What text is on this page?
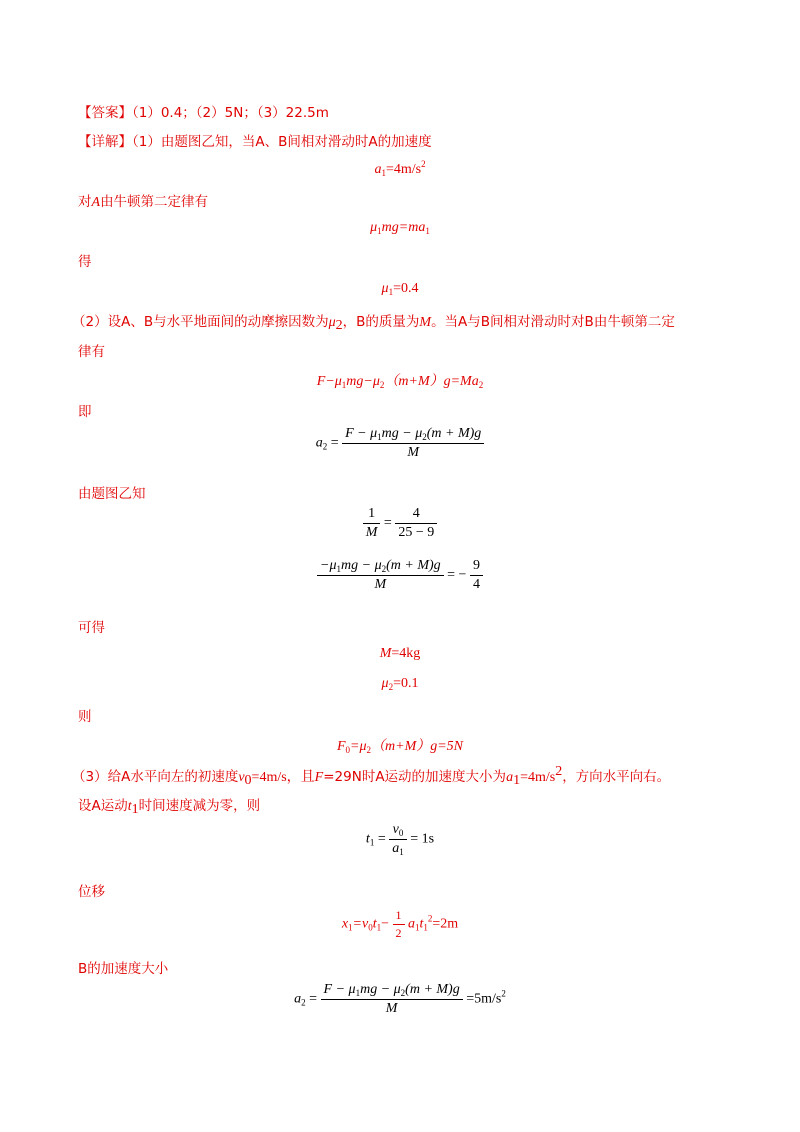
【答案】（1）0.4；（2）5N；（3）22.5m
【详解】（1）由题图乙知，当A、B间相对滑动时A的加速度
$a_1=4m/s^2$
对A由牛顿第二定律有
$\mu_1mg=ma_1$
得
$\mu_1=0.4$
（2）设A、B与水平地面间的动摩擦因数为$\mu_2$，B的质量为M。当A与B间相对滑动时对B由牛顿第二定
律有
$F-\mu_1mg-\mu_2(m+M)g=Ma_2$
即
$a_2 = \frac{F - \mu_1mg - \mu_2(m + M)g}{M}$
由题图乙知
$\frac{1}{M} = \frac{4}{25 - 9}$
$\frac{-\mu_1mg - \mu_2(m + M)g}{M}$ = − $\frac{9}{4}$
可得
M=4kg
$\mu_2=0.1$
则
$F_0=\mu_2(m+M)g=5N$
（3）给A水平向左的初速度$v_0=4m/s$，且F=29N时A运动的加速度大小为$a_1=4m/s^2$，方向水平向右。
设A运动$t_1$时间速度减为零，则
$t_1 = \frac{v_0}{a_1} = 1s$
位移
$x_1=v_0t_1- \frac{1}{2} a_1t_1^2=2m$
B的加速度大小
$a_2 = \frac{F - \mu_1mg - \mu_2(m + M)g}{M} =5m/s^2$
